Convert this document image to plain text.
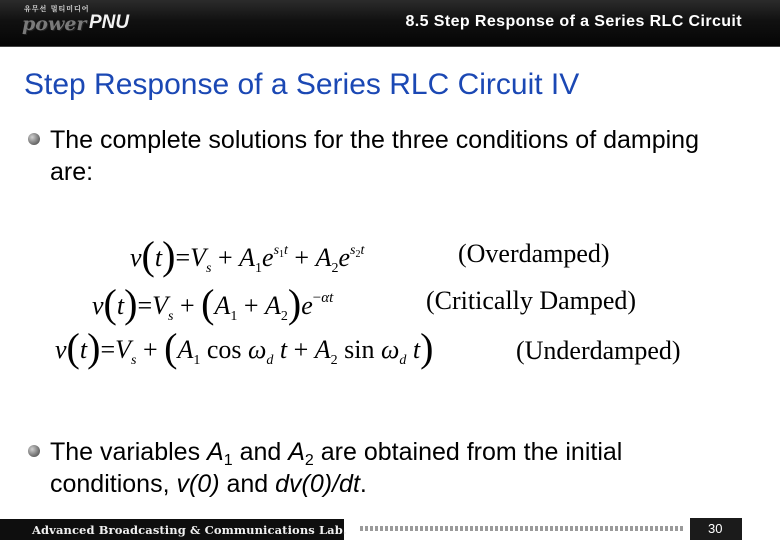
유무선 멀티미디어
power PNU	8.5 Step Response of a Series RLC Circuit
Step Response of a Series RLC Circuit IV
The complete solutions for the three conditions of damping are:
$v(t)=V_s + A_1e^s1t + A_2e^s2t$	(Overdamped)
$v(t)=V_s + (A_1 + A_2)e^-\alpha t$	(Critically Damped)
$v(t)=V_s + (A_1$ $\cos \omega_d$ $t + A_2$ $\sin \omega_d$ t)	(Underdamped)
The variables $A_1$ and $A_2$ are obtained from the initial conditions, v(0) and dv(0)/dt.
Advanced Broadcasting & Communications Lab.	30
